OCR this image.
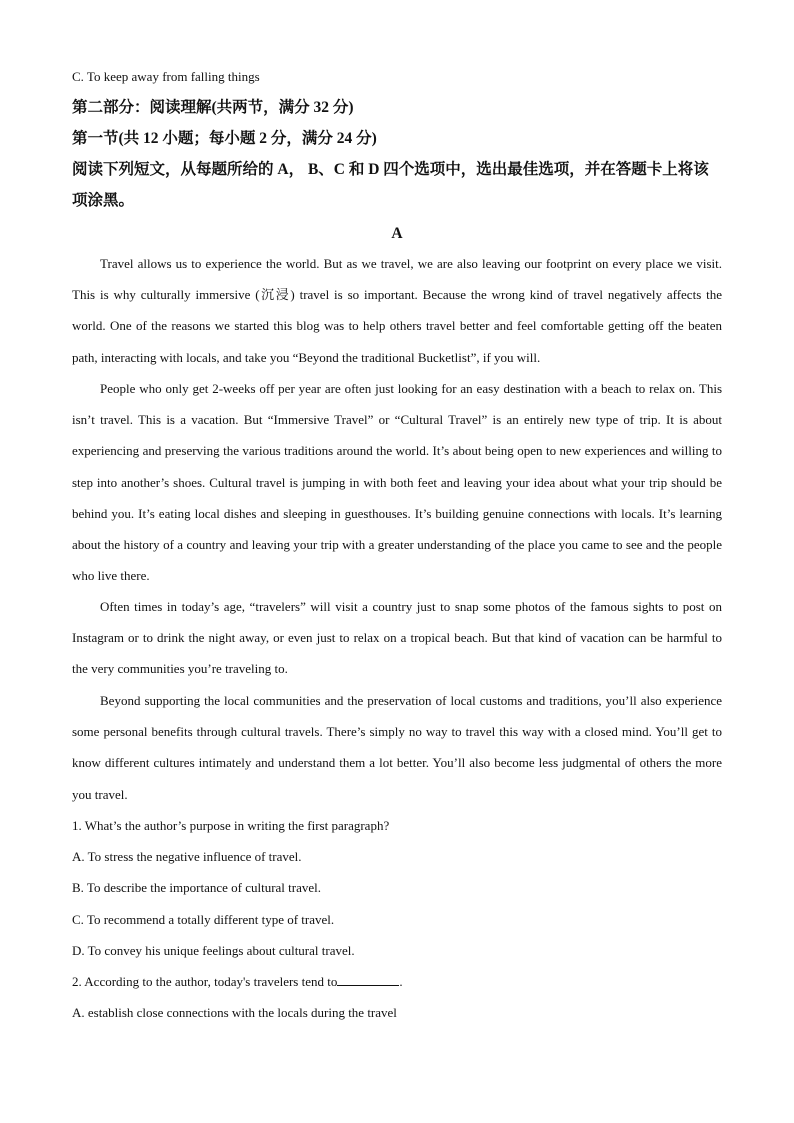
C. To keep away from falling things
第二部分：阅读理解(共两节，满分 32 分)
第一节(共 12 小题；每小题 2 分，满分 24 分)
阅读下列短文，从每题所给的 A， B、C 和 D 四个选项中，选出最佳选项，并在答题卡上将该项涂黑。
A

Travel allows us to experience the world. But as we travel, we are also leaving our footprint on every place we visit. This is why culturally immersive (沉浸) travel is so important. Because the wrong kind of travel negatively affects the world. One of the reasons we started this blog was to help others travel better and feel comfortable getting off the beaten path, interacting with locals, and take you “Beyond the traditional Bucketlist”, if you will.

People who only get 2-weeks off per year are often just looking for an easy destination with a beach to relax on. This isn’t travel. This is a vacation. But “Immersive Travel” or “Cultural Travel” is an entirely new type of trip. It is about experiencing and preserving the various traditions around the world. It’s about being open to new experiences and willing to step into another’s shoes. Cultural travel is jumping in with both feet and leaving your idea about what your trip should be behind you. It’s eating local dishes and sleeping in guesthouses. It’s building genuine connections with locals. It’s learning about the history of a country and leaving your trip with a greater understanding of the place you came to see and the people who live there.

Often times in today’s age, “travelers” will visit a country just to snap some photos of the famous sights to post on Instagram or to drink the night away, or even just to relax on a tropical beach. But that kind of vacation can be harmful to the very communities you’re traveling to.

Beyond supporting the local communities and the preservation of local customs and traditions, you’ll also experience some personal benefits through cultural travels. There’s simply no way to travel this way with a closed mind. You’ll get to know different cultures intimately and understand them a lot better. You’ll also become less judgmental of others the more you travel.

1. What’s the author’s purpose in writing the first paragraph?
A. To stress the negative influence of travel.
B. To describe the importance of cultural travel.
C. To recommend a totally different type of travel.
D. To convey his unique feelings about cultural travel.
2. According to the author, today's travelers tend to	.
A. establish close connections with the locals during the travel
